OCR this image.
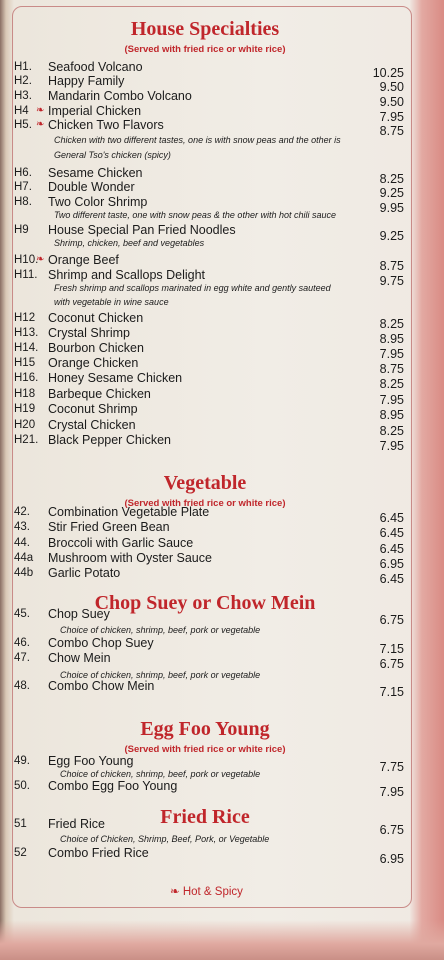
House Specialties
(Served with fried rice or white rice)
Vegetable
(Served with fried rice or white rice)
Chop Suey or Chow Mein
Egg Foo Young
(Served with fried rice or white rice)
Fried Rice
H1. Seafood Volcano	10.25
H2. Happy Family	9.50
H3. Mandarin Combo Volcano	9.50
H4 Imperial Chicken	7.95
❧
H5. Chicken Two Flavors	8.75
❧
H6. Sesame Chicken	8.25
H7. Double Wonder	9.25
H8. Two Color Shrimp	9.95
H9 House Special Pan Fried Noodles	9.25
H10. Orange Beef	8.75
❧
H11. Shrimp and Scallops Delight	9.75
H12 Coconut Chicken	8.25
H13. Crystal Shrimp	8.95
H14. Bourbon Chicken	7.95
H15 Orange Chicken	8.75
H16. Honey Sesame Chicken	8.25
H18 Barbeque Chicken	7.95
H19 Coconut Shrimp	8.95
H20 Crystal Chicken	8.25
H21. Black Pepper Chicken	7.95
42. Combination Vegetable Plate	6.45
43. Stir Fried Green Bean	6.45
44. Broccoli with Garlic Sauce	6.45
44a Mushroom with Oyster Sauce	6.95
44b Garlic Potato	6.45
45. Chop Suey	6.75
46. Combo Chop Suey	7.15
47. Chow Mein	6.75
48. Combo Chow Mein	7.15
49. Egg Foo Young	7.75
50. Combo Egg Foo Young	7.95
51 Fried Rice	6.75
52 Combo Fried Rice	6.95
Chicken with two different tastes, one is with snow peas and the other is
General Tso's chicken (spicy)
Two different taste, one with snow peas & the other with hot chili sauce
Shrimp, chicken, beef and vegetables
Fresh shrimp and scallops marinated in egg white and gently sauteed
with vegetable in wine sauce
Choice of chicken, shrimp, beef, pork or vegetable
Choice of chicken, shrimp, beef, pork or vegetable
Choice of chicken, shrimp, beef, pork or vegetable
Choice of Chicken, Shrimp, Beef, Pork, or Vegetable
❧ Hot & Spicy
